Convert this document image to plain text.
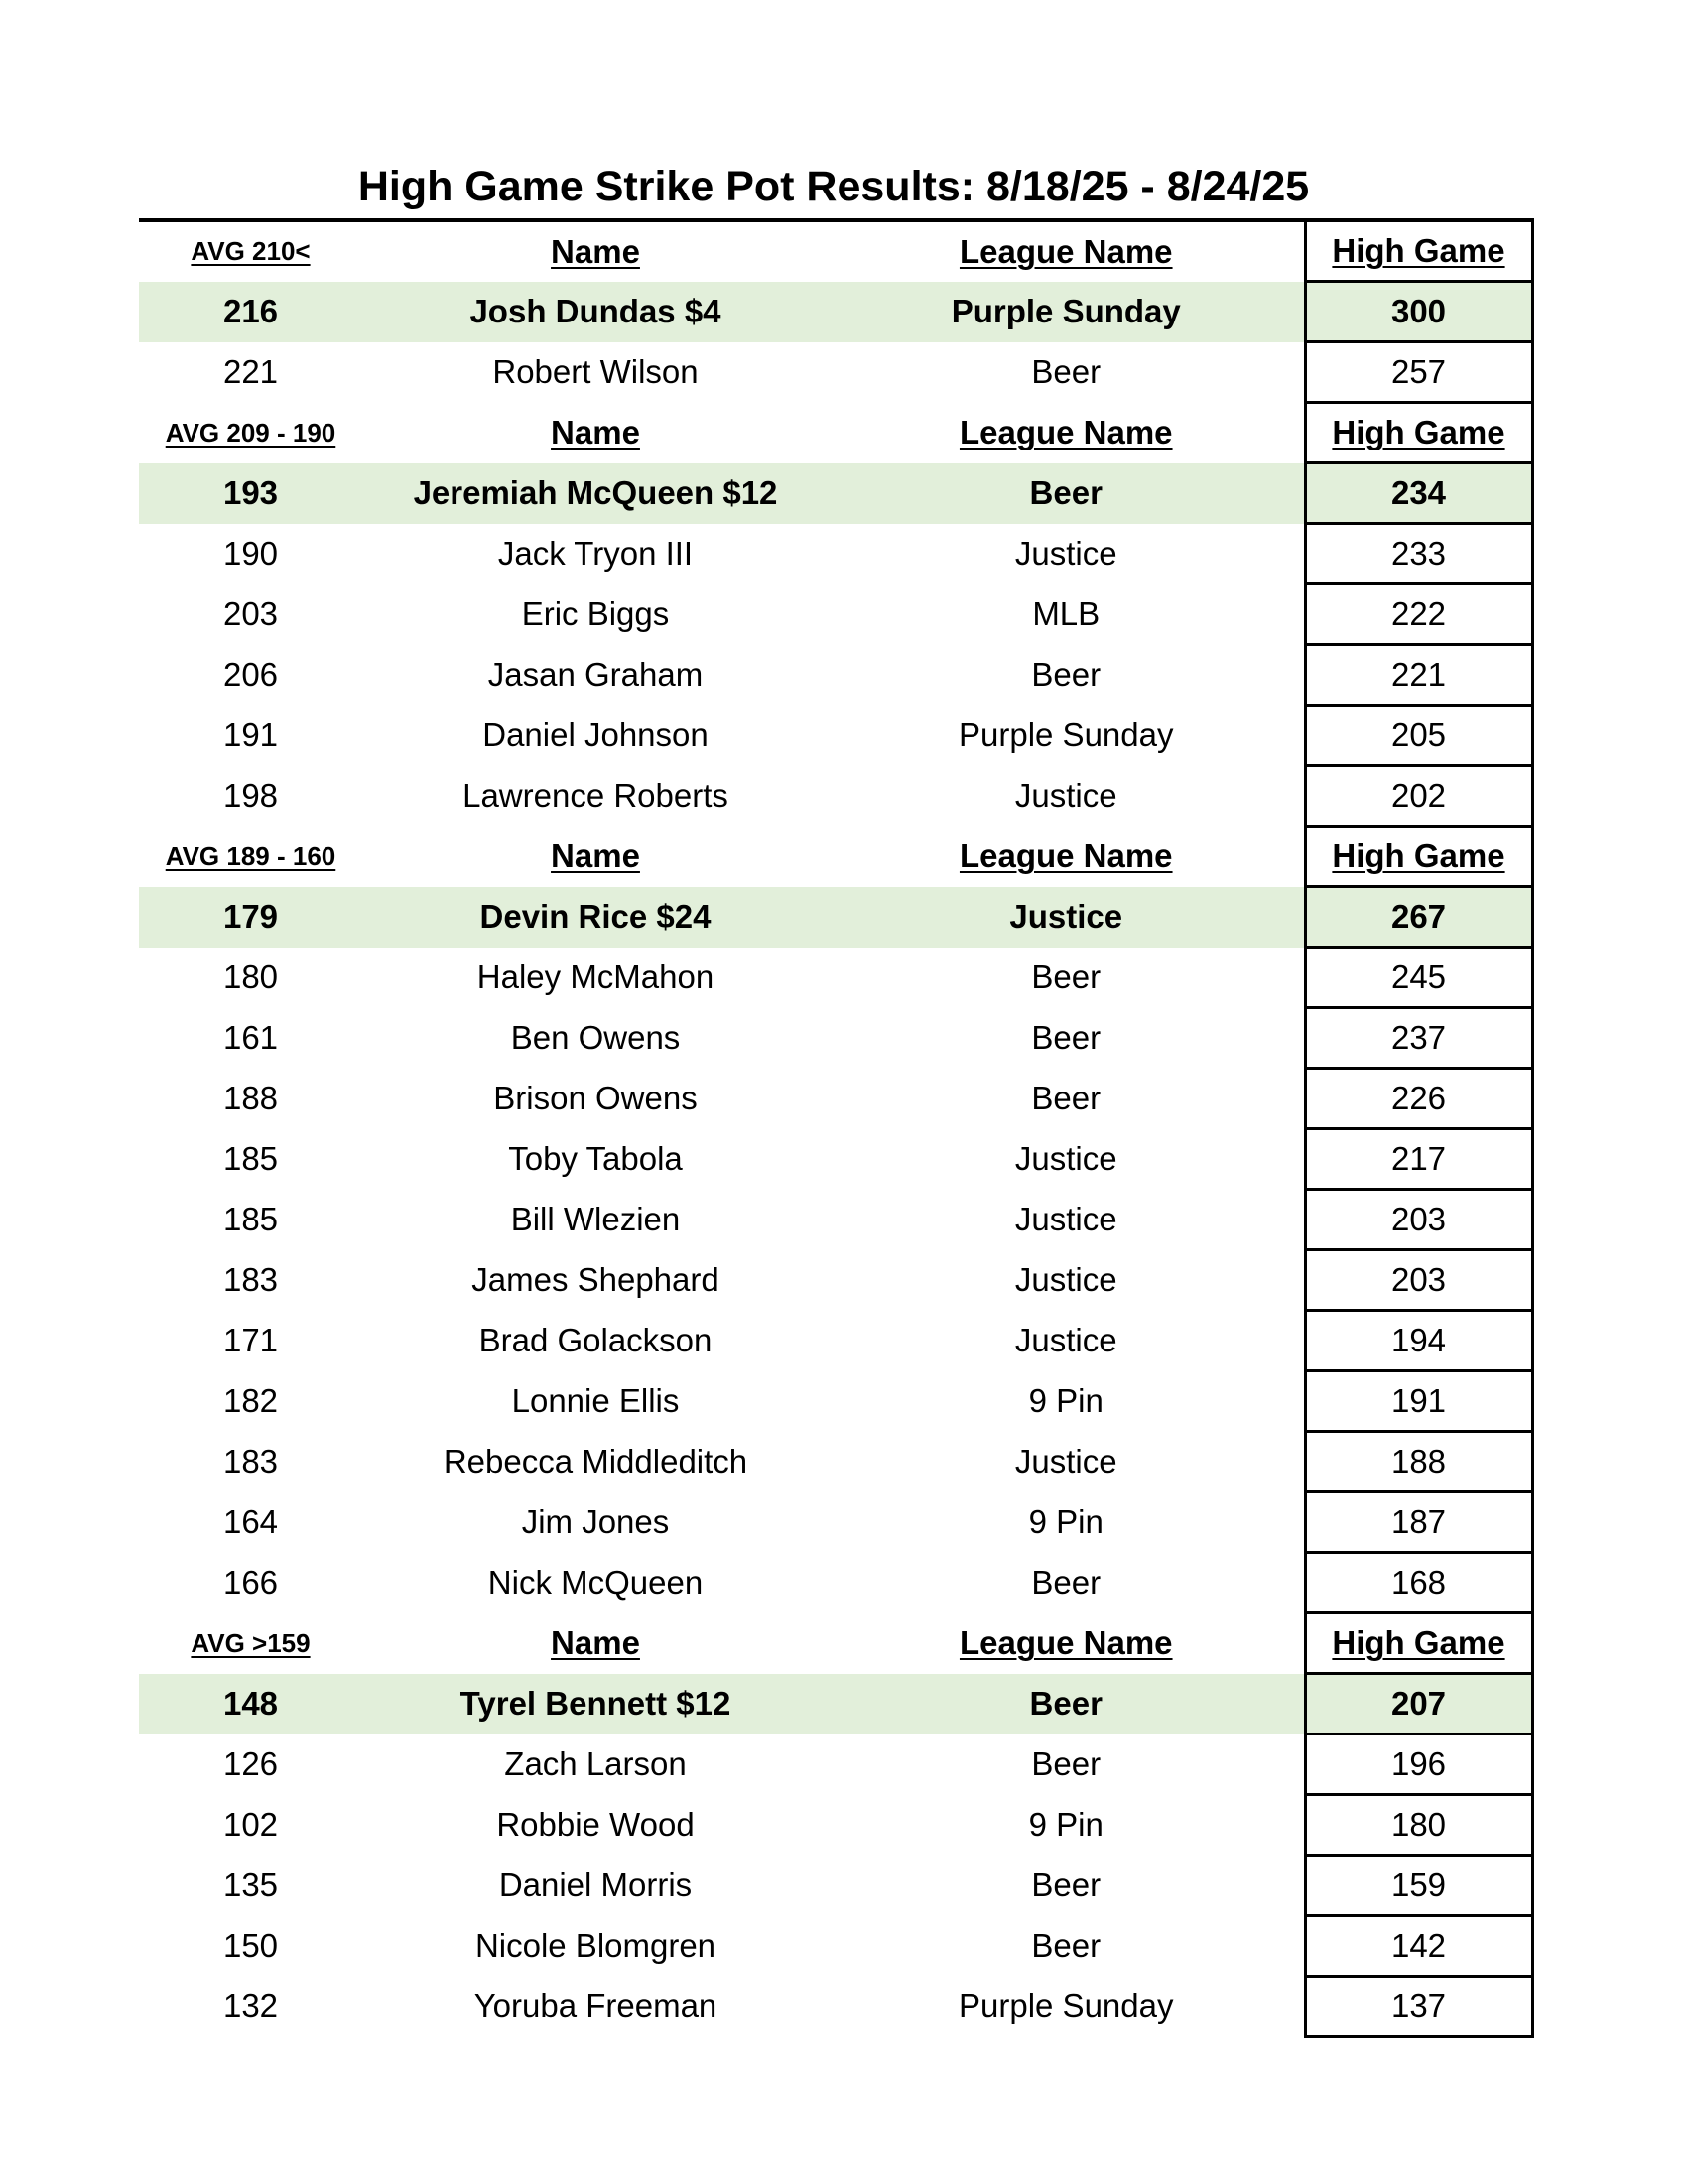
High Game Strike Pot Results: 8/18/25 - 8/24/25
AVG 210<	Name	League Name	High Game
216	Josh Dundas $4	Purple Sunday	300
221	Robert Wilson	Beer	257
AVG 209 - 190	Name	League Name	High Game
193	Jeremiah McQueen $12	Beer	234
190	Jack Tryon III	Justice	233
203	Eric Biggs	MLB	222
206	Jasan Graham	Beer	221
191	Daniel Johnson	Purple Sunday	205
198	Lawrence Roberts	Justice	202
AVG 189 - 160	Name	League Name	High Game
179	Devin Rice $24	Justice	267
180	Haley McMahon	Beer	245
161	Ben Owens	Beer	237
188	Brison Owens	Beer	226
185	Toby Tabola	Justice	217
185	Bill Wlezien	Justice	203
183	James Shephard	Justice	203
171	Brad Golackson	Justice	194
182	Lonnie Ellis	9 Pin	191
183	Rebecca Middleditch	Justice	188
164	Jim Jones	9 Pin	187
166	Nick McQueen	Beer	168
AVG >159	Name	League Name	High Game
148	Tyrel Bennett $12	Beer	207
126	Zach Larson	Beer	196
102	Robbie Wood	9 Pin	180
135	Daniel Morris	Beer	159
150	Nicole Blomgren	Beer	142
132	Yoruba Freeman	Purple Sunday	137
